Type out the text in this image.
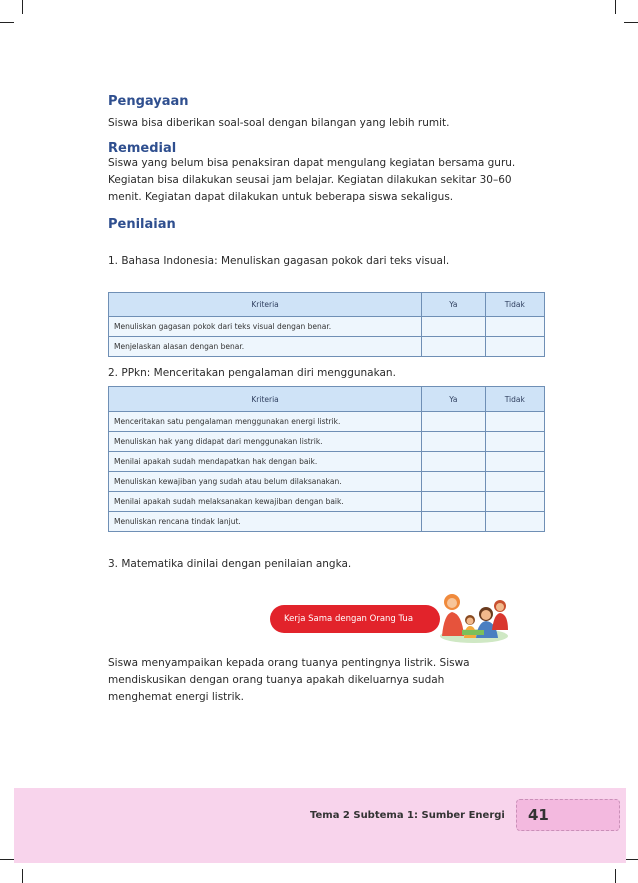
Pengayaan

Siswa bisa diberikan soal-soal dengan bilangan yang lebih rumit.

Remedial

Siswa yang belum bisa penaksiran dapat mengulang kegiatan bersama guru. Kegiatan bisa dilakukan seusai jam belajar. Kegiatan dilakukan sekitar 30–60 menit. Kegiatan dapat dilakukan untuk beberapa siswa sekaligus.

Penilaian
1. Bahasa Indonesia: Menuliskan gagasan pokok dari teks visual.
Kriteria	Ya	Tidak
Menuliskan gagasan pokok dari teks visual dengan benar.		
Menjelaskan alasan dengan benar.		
2. PPkn: Menceritakan pengalaman diri menggunakan.
Kriteria	Ya	Tidak
Menceritakan satu pengalaman menggunakan energi listrik.		
Menuliskan hak yang didapat dari menggunakan listrik.		
Menilai apakah sudah mendapatkan hak dengan baik.		
Menuliskan kewajiban yang sudah atau belum dilaksanakan.		
Menilai apakah sudah melaksanakan kewajiban dengan baik.		
Menuliskan rencana tindak lanjut.		
3. Matematika dinilai dengan penilaian angka.
Kerja Sama dengan Orang Tua

Siswa menyampaikan kepada orang tuanya pentingnya listrik. Siswa mendiskusikan dengan orang tuanya apakah dikeluarnya sudah menghemat energi listrik.

Tema 2 Subtema 1: Sumber Energi 41
